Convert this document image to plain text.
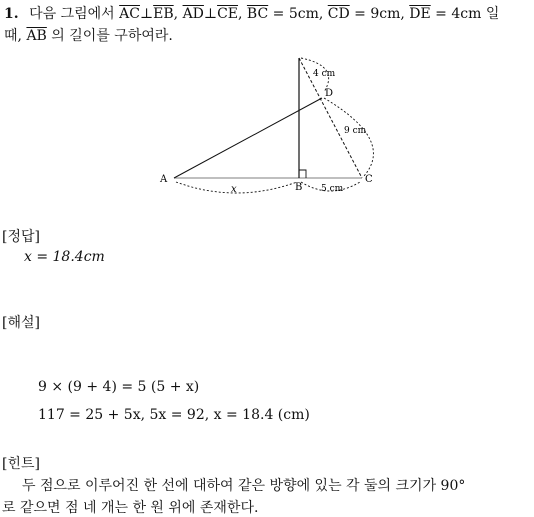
1. 다음 그림에서 $\overline{AC}\perp\overline{EB}$, $\overline{AD}\perp\overline{CE}$, $\overline{BC} = 5cm$, $\overline{CD} = 9cm$, $\overline{DE} = 4cm$ 일
때, $\overline{AB}$ 의 길이를 구하여라.
A
B
C
D
4 cm
9 cm
x	5 cm
[정답]
x = 18.4cm
[해설]
9 × (9 + 4) = 5 (5 + x)
117 = 25 + 5x, 5x = 92, x = 18.4 (cm)
[힌트]
두 점으로 이루어진 한 선에 대하여 같은 방향에 있는 각 둘의 크기가 90°
로 같으면 점 네 개는 한 원 위에 존재한다.
